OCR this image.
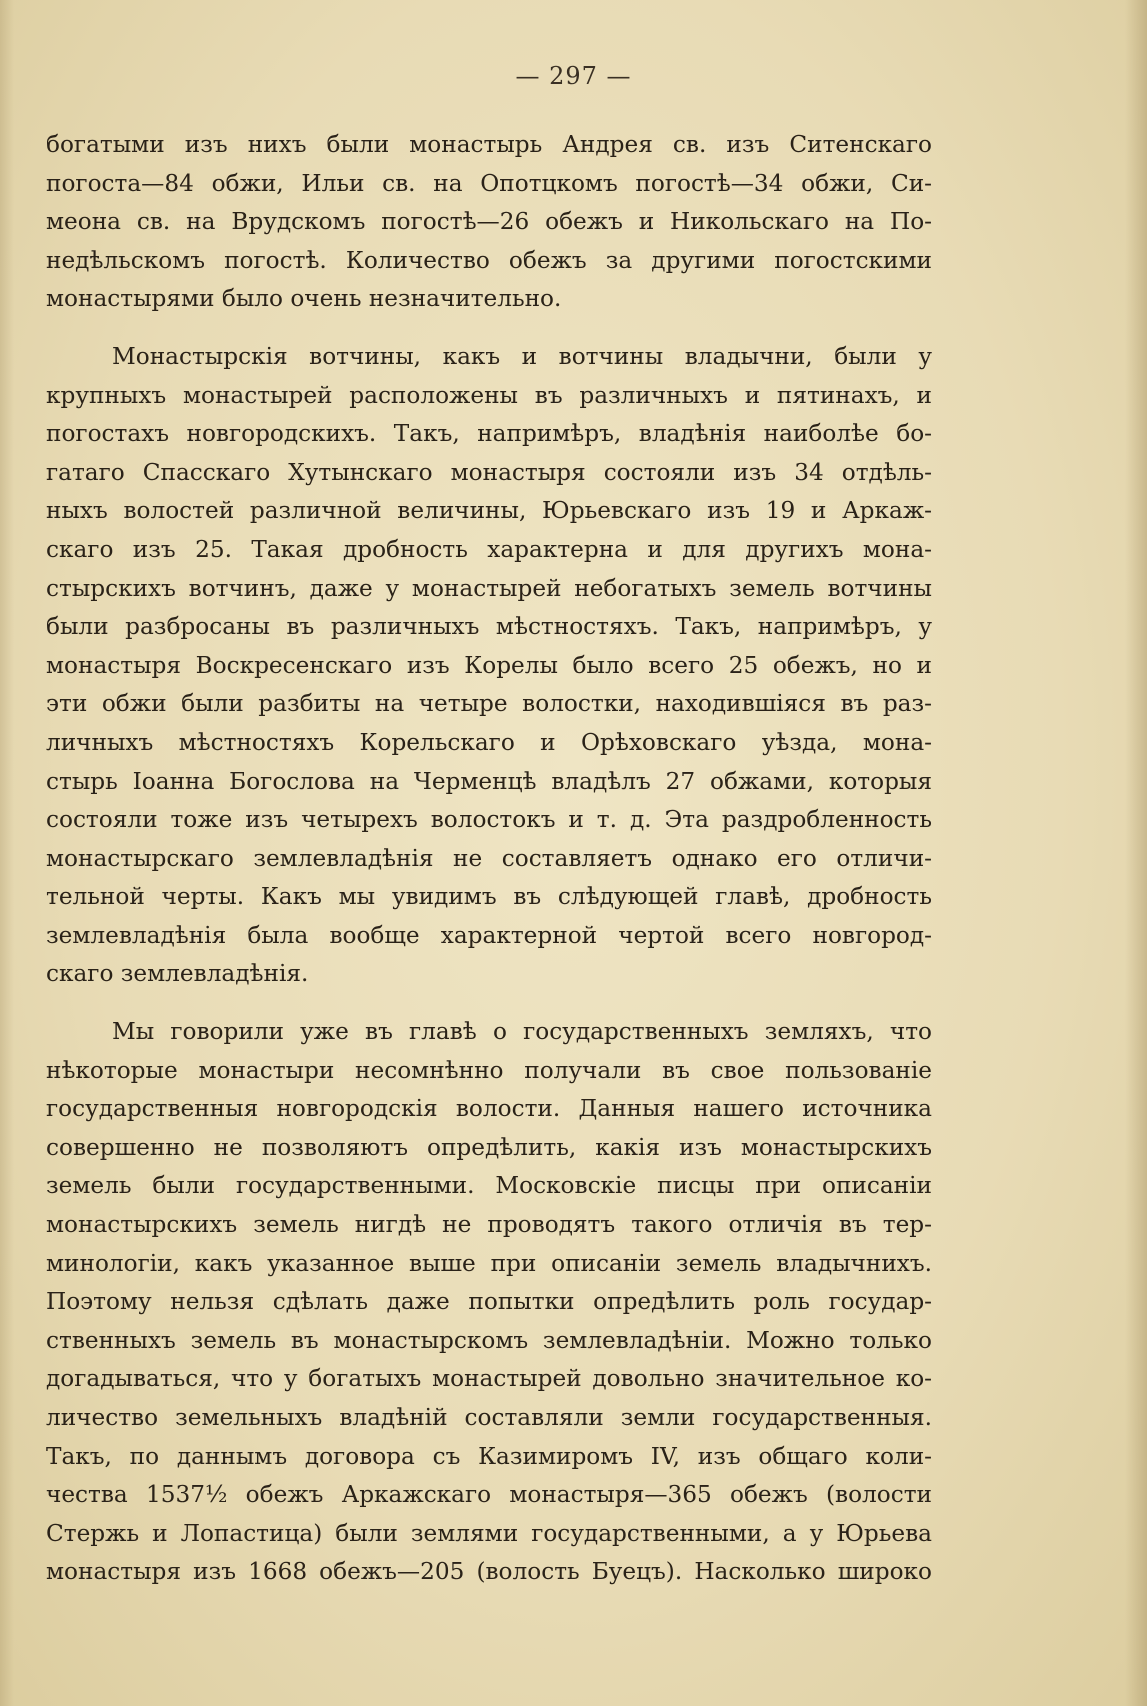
— 297 —
богатыми изъ нихъ были монастырь Андрея св. изъ Ситенскаго
погоста—84 обжи, Ильи св. на Опотцкомъ погостѣ—34 обжи, Си-
меона св. на Врудскомъ погостѣ—26 обежъ и Никольскаго на По-
недѣльскомъ погостѣ. Количество обежъ за другими погостскими
монастырями было очень незначительно.
Монастырскія вотчины, какъ и вотчины владычни, были у
крупныхъ монастырей расположены въ различныхъ и пятинахъ, и
погостахъ новгородскихъ. Такъ, напримѣръ, владѣнія наиболѣе бо-
гатаго Спасскаго Хутынскаго монастыря состояли изъ 34 отдѣль-
ныхъ волостей различной величины, Юрьевскаго изъ 19 и Аркаж-
скаго изъ 25. Такая дробность характерна и для другихъ мона-
стырскихъ вотчинъ, даже у монастырей небогатыхъ земель вотчины
были разбросаны въ различныхъ мѣстностяхъ. Такъ, напримѣръ, у
монастыря Воскресенскаго изъ Корелы было всего 25 обежъ, но и
эти обжи были разбиты на четыре волостки, находившіяся въ раз-
личныхъ мѣстностяхъ Корельскаго и Орѣховскаго уѣзда, мона-
стырь Іоанна Богослова на Черменцѣ владѣлъ 27 обжами, которыя
состояли тоже изъ четырехъ волостокъ и т. д. Эта раздробленность
монастырскаго землевладѣнія не составляетъ однако его отличи-
тельной черты. Какъ мы увидимъ въ слѣдующей главѣ, дробность
землевладѣнія была вообще характерной чертой всего новгород-
скаго землевладѣнія.
Мы говорили уже въ главѣ о государственныхъ земляхъ, что
нѣкоторые монастыри несомнѣнно получали въ свое пользованіе
государственныя новгородскія волости. Данныя нашего источника
совершенно не позволяютъ опредѣлить, какія изъ монастырскихъ
земель были государственными. Московскіе писцы при описаніи
монастырскихъ земель нигдѣ не проводятъ такого отличія въ тер-
минологіи, какъ указанное выше при описаніи земель владычнихъ.
Поэтому нельзя сдѣлать даже попытки опредѣлить роль государ-
ственныхъ земель въ монастырскомъ землевладѣніи. Можно только
догадываться, что у богатыхъ монастырей довольно значительное ко-
личество земельныхъ владѣній составляли земли государственныя.
Такъ, по даннымъ договора съ Казимиромъ IV, изъ общаго коли-
чества 1537½ обежъ Аркажскаго монастыря—365 обежъ (волости
Стержь и Лопастица) были землями государственными, а у Юрьева
монастыря изъ 1668 обежъ—205 (волость Буецъ). Насколько широко
